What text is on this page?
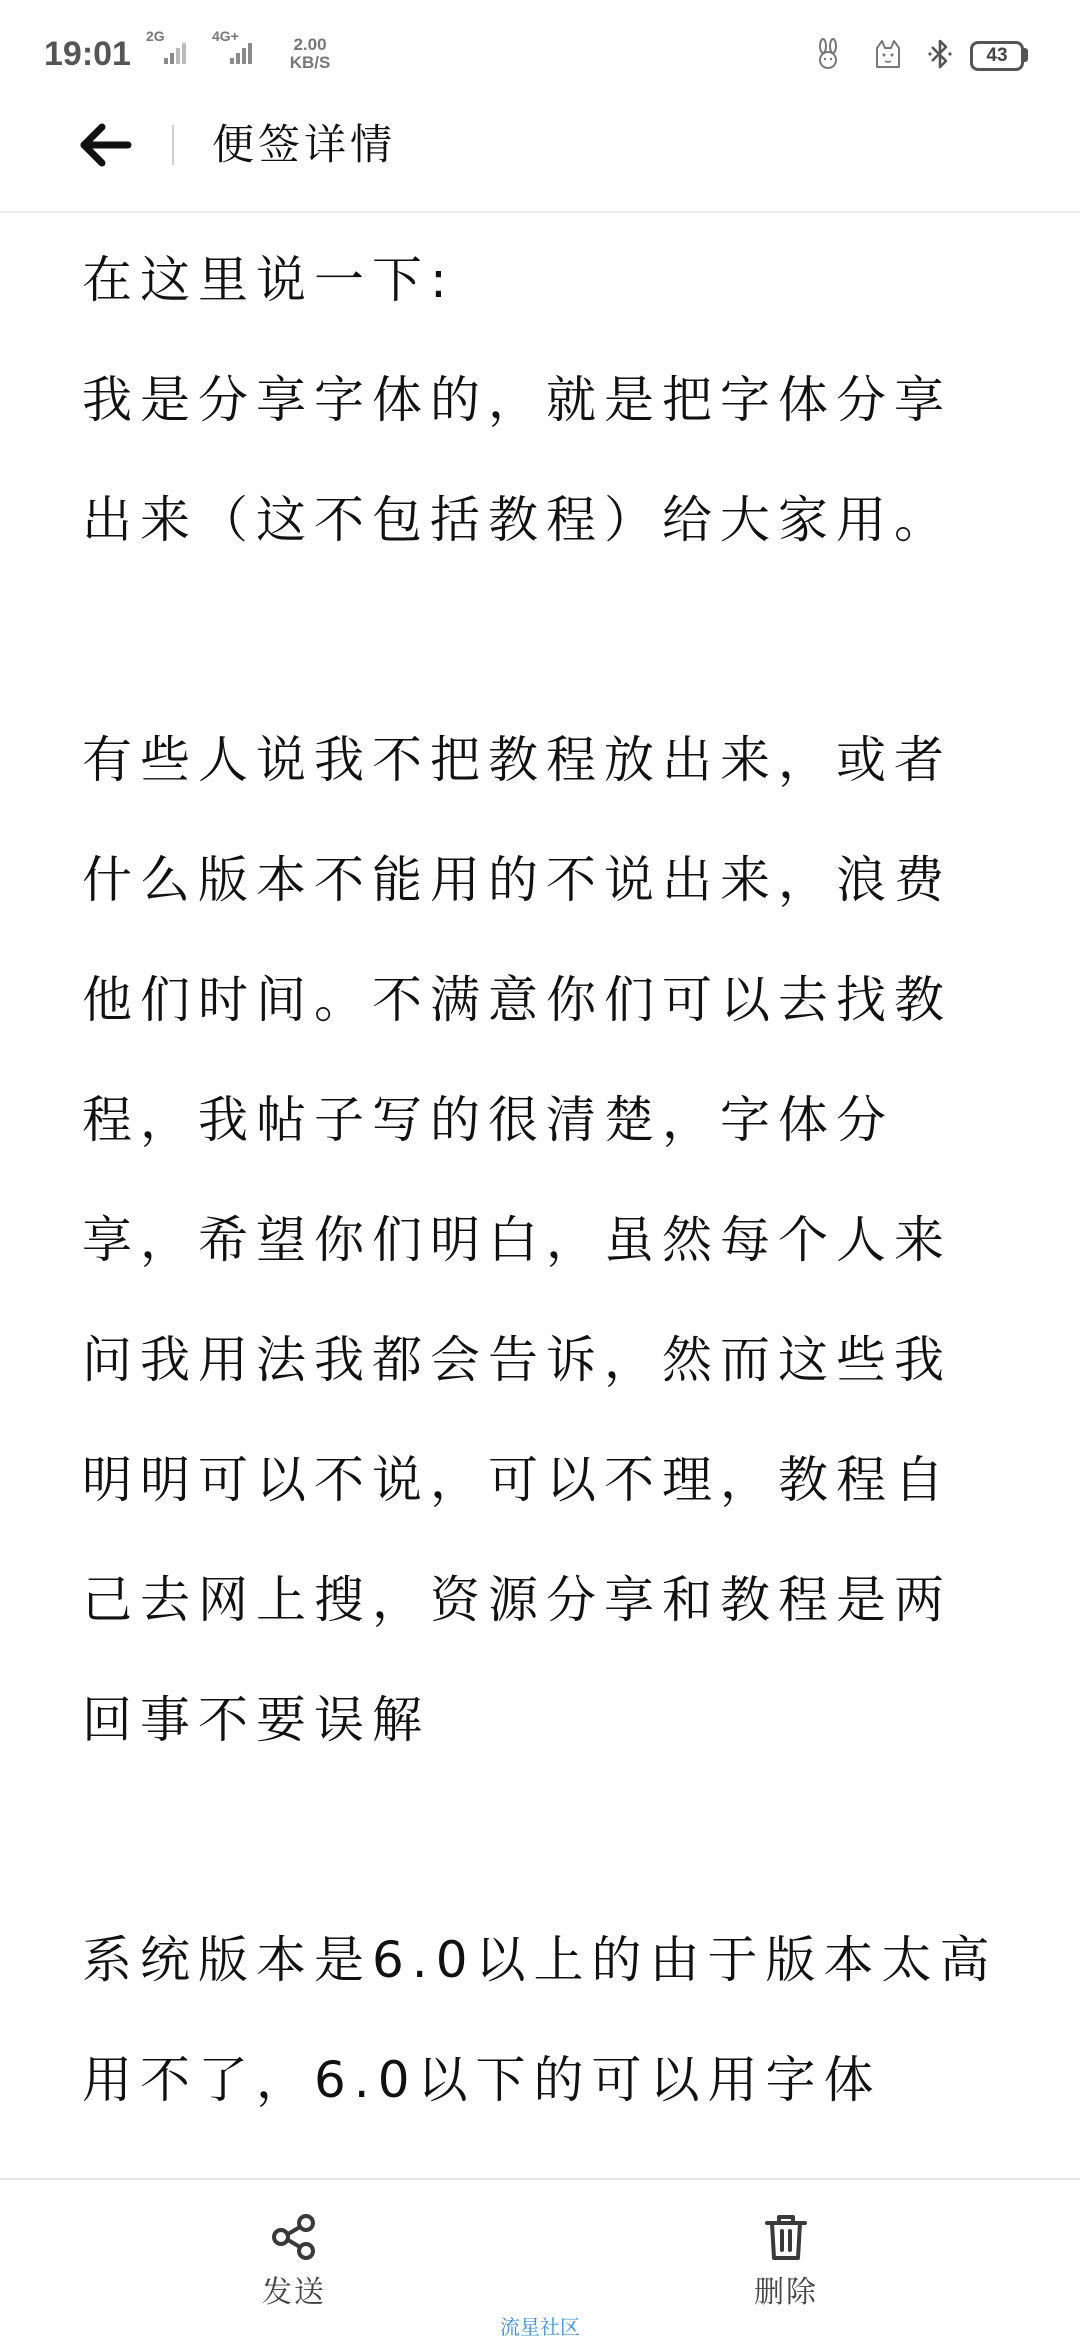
19:01 2G	4G+	2.00
KB/S	43
便签详情
在这里说一下:
我是分享字体的，就是把字体分享
出来（这不包括教程）给大家用。
有些人说我不把教程放出来，或者
什么版本不能用的不说出来，浪费
他们时间。不满意你们可以去找教
程，我帖子写的很清楚，字体分
享，希望你们明白，虽然每个人来
问我用法我都会告诉，然而这些我
明明可以不说，可以不理，教程自
己去网上搜，资源分享和教程是两
回事不要误解
系统版本是6.0以上的由于版本太高
用不了，6.0以下的可以用字体
发送	删除
流星社区
